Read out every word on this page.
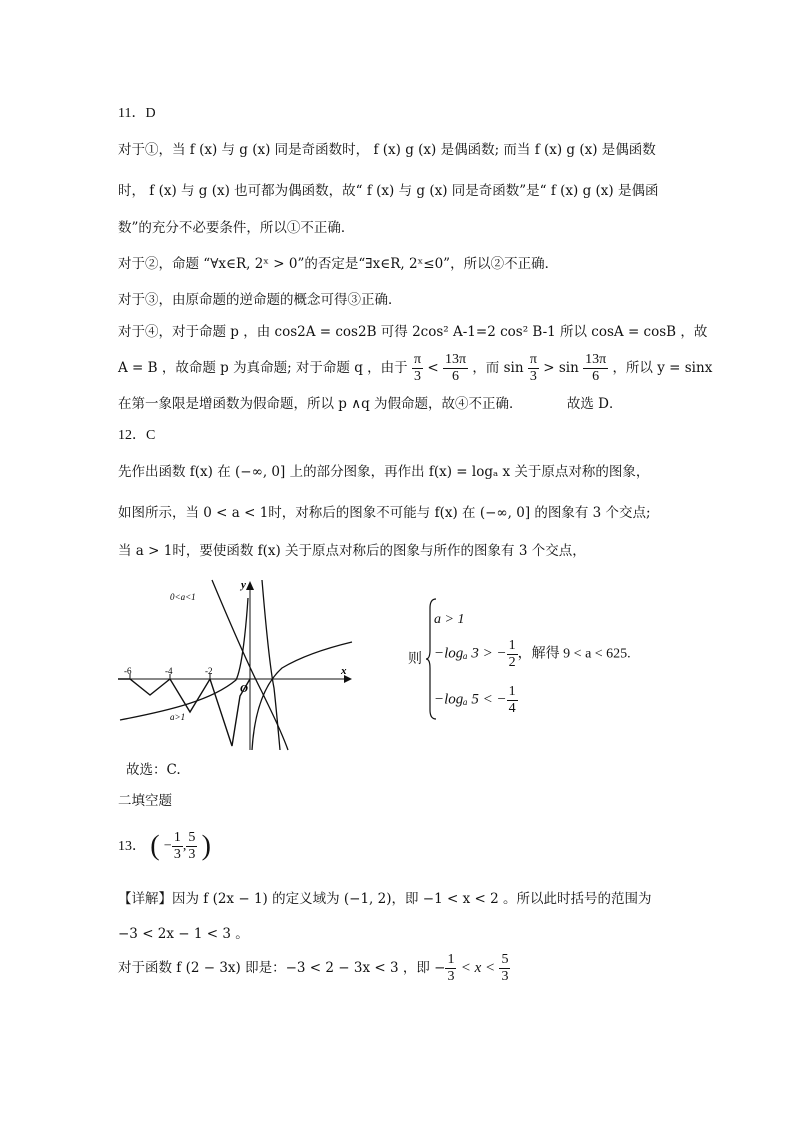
11．D
对于①，当 f (x) 与 g (x) 同是奇函数时， f (x) g (x) 是偶函数; 而当 f (x) g (x) 是偶函数
时， f (x) 与 g (x) 也可都为偶函数，故“ f (x) 与 g (x) 同是奇函数”是“ f (x) g (x) 是偶函
数”的充分不必要条件，所以①不正确．
对于②，命题 “∀x∈R, 2ˣ > 0”的否定是“∃x∈R, 2ˣ≤0”，所以②不正确．
对于③，由原命题的逆命题的概念可得③正确．
对于④，对于命题 p ，由 cos2A = cos2B 可得 2cos² A-1=2 cos² B-1 所以 cosA = cosB ，故
A = B ，故命题 p 为真命题; 对于命题 q ，由于 $\frac{\pi}{3} < \frac{13\pi}{6}$ ，而 $\sin \frac{\pi}{3} > \sin \frac{13\pi}{6}$ ，所以 y = sinx
在第一象限是增函数为假命题，所以 p ∧q 为假命题，故④不正确．	故选 D．
12．C
先作出函数 f(x) 在 (−∞, 0] 上的部分图象，再作出 f(x) = logₐ x 关于原点对称的图象，
如图所示，当 0 < a < 1时，对称后的图象不可能与 f(x) 在 (−∞, 0] 的图象有 3 个交点;
当 a > 1时，要使函数 f(x) 关于原点对称后的图象与所作的图象有 3 个交点，
-6	-4	-2
y
x
O
0<a<1
a>1
则
a > 1
−logₐ 3 > − $\frac{1}{2}$ ，解得 9 < a < 625.
−logₐ 5 < − $\frac{1}{4}$
故选：C.
二填空题
13． ( − $\frac{1}{3}$ , $\frac{5}{3}$ )
【详解】因为 f (2x − 1) 的定义域为 (−1, 2)，即 −1 < x < 2 。所以此时括号的范围为
−3 < 2x − 1 < 3 。
对于函数 f (2 − 3x) 即是：−3 < 2 − 3x < 3 ，即 − $\frac{1}{3} < x < \frac{5}{3}$
